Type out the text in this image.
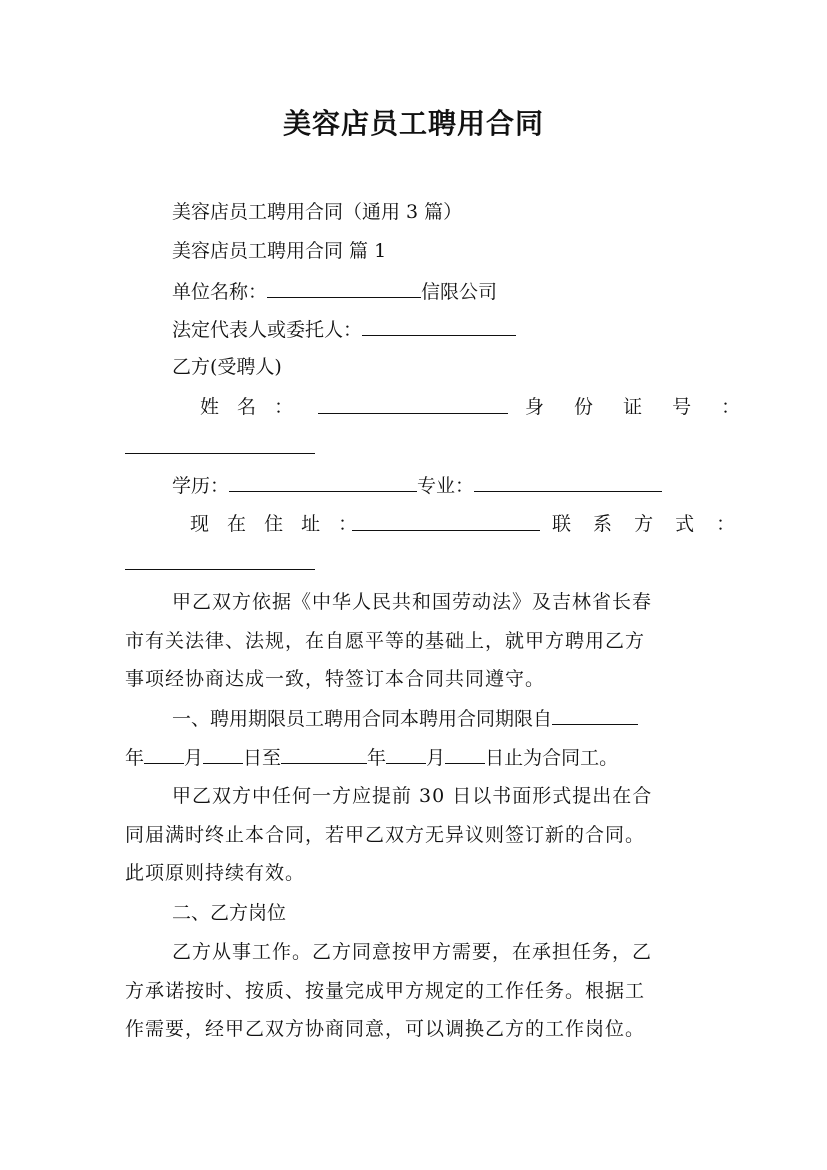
美容店员工聘用合同
美容店员工聘用合同（通用 3 篇）
美容店员工聘用合同 篇 1
单位名称：	信限公司
法定代表人或委托人：
乙方(受聘人)
姓 名 ：	身 份 证 号 ：
学历：	专业：
现 在 住 址 ：	联 系 方 式 ：
甲乙双方依据《中华人民共和国劳动法》及吉林省长春
市有关法律、法规，在自愿平等的基础上，就甲方聘用乙方
事项经协商达成一致，特签订本合同共同遵守。
一、聘用期限员工聘用合同本聘用合同期限自
年 月 日至	年 月 日止为合同工。
甲乙双方中任何一方应提前 30 日以书面形式提出在合
同届满时终止本合同，若甲乙双方无异议则签订新的合同。
此项原则持续有效。
二、乙方岗位
乙方从事工作。乙方同意按甲方需要，在承担任务，乙
方承诺按时、按质、按量完成甲方规定的工作任务。根据工
作需要，经甲乙双方协商同意，可以调换乙方的工作岗位。
